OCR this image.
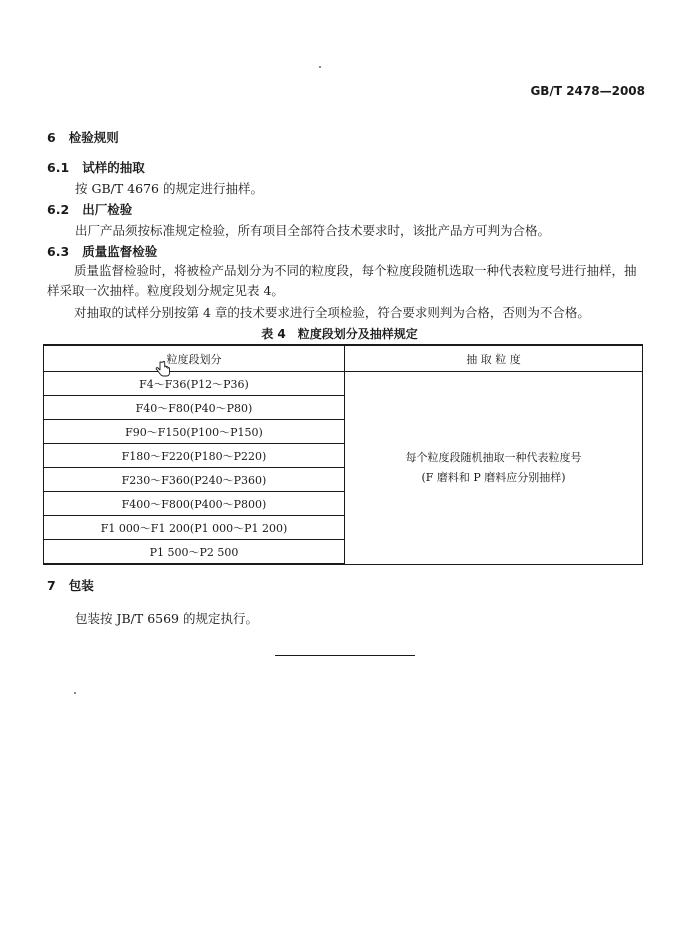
GB/T 2478—2008
6 检验规则
6.1 试样的抽取
按 GB/T 4676 的规定进行抽样。
6.2 出厂检验
出厂产品须按标准规定检验，所有项目全部符合技术要求时，该批产品方可判为合格。
6.3 质量监督检验
质量监督检验时，将被检产品划分为不同的粒度段，每个粒度段随机选取一种代表粒度号进行抽样，抽样采取一次抽样。粒度段划分规定见表 4。
对抽取的试样分别按第 4 章的技术要求进行全项检验，符合要求则判为合格，否则为不合格。
表 4　粒度段划分及抽样规定
粒度段划分	抽 取 粒 度
F4～F36(P12～P36)	每个粒度段随机抽取一种代表粒度号
(F 磨料和 P 磨料应分别抽样)

F40～F80(P40～P80)	
F90～F150(P100～P150)	
F180～F220(P180～P220)	
F230～F360(P240～P360)	
F400～F800(P400～P800)	
F1 000～F1 200(P1 000～P1 200)	
P1 500～P2 500	
7 包装
包装按 JB/T 6569 的规定执行。
